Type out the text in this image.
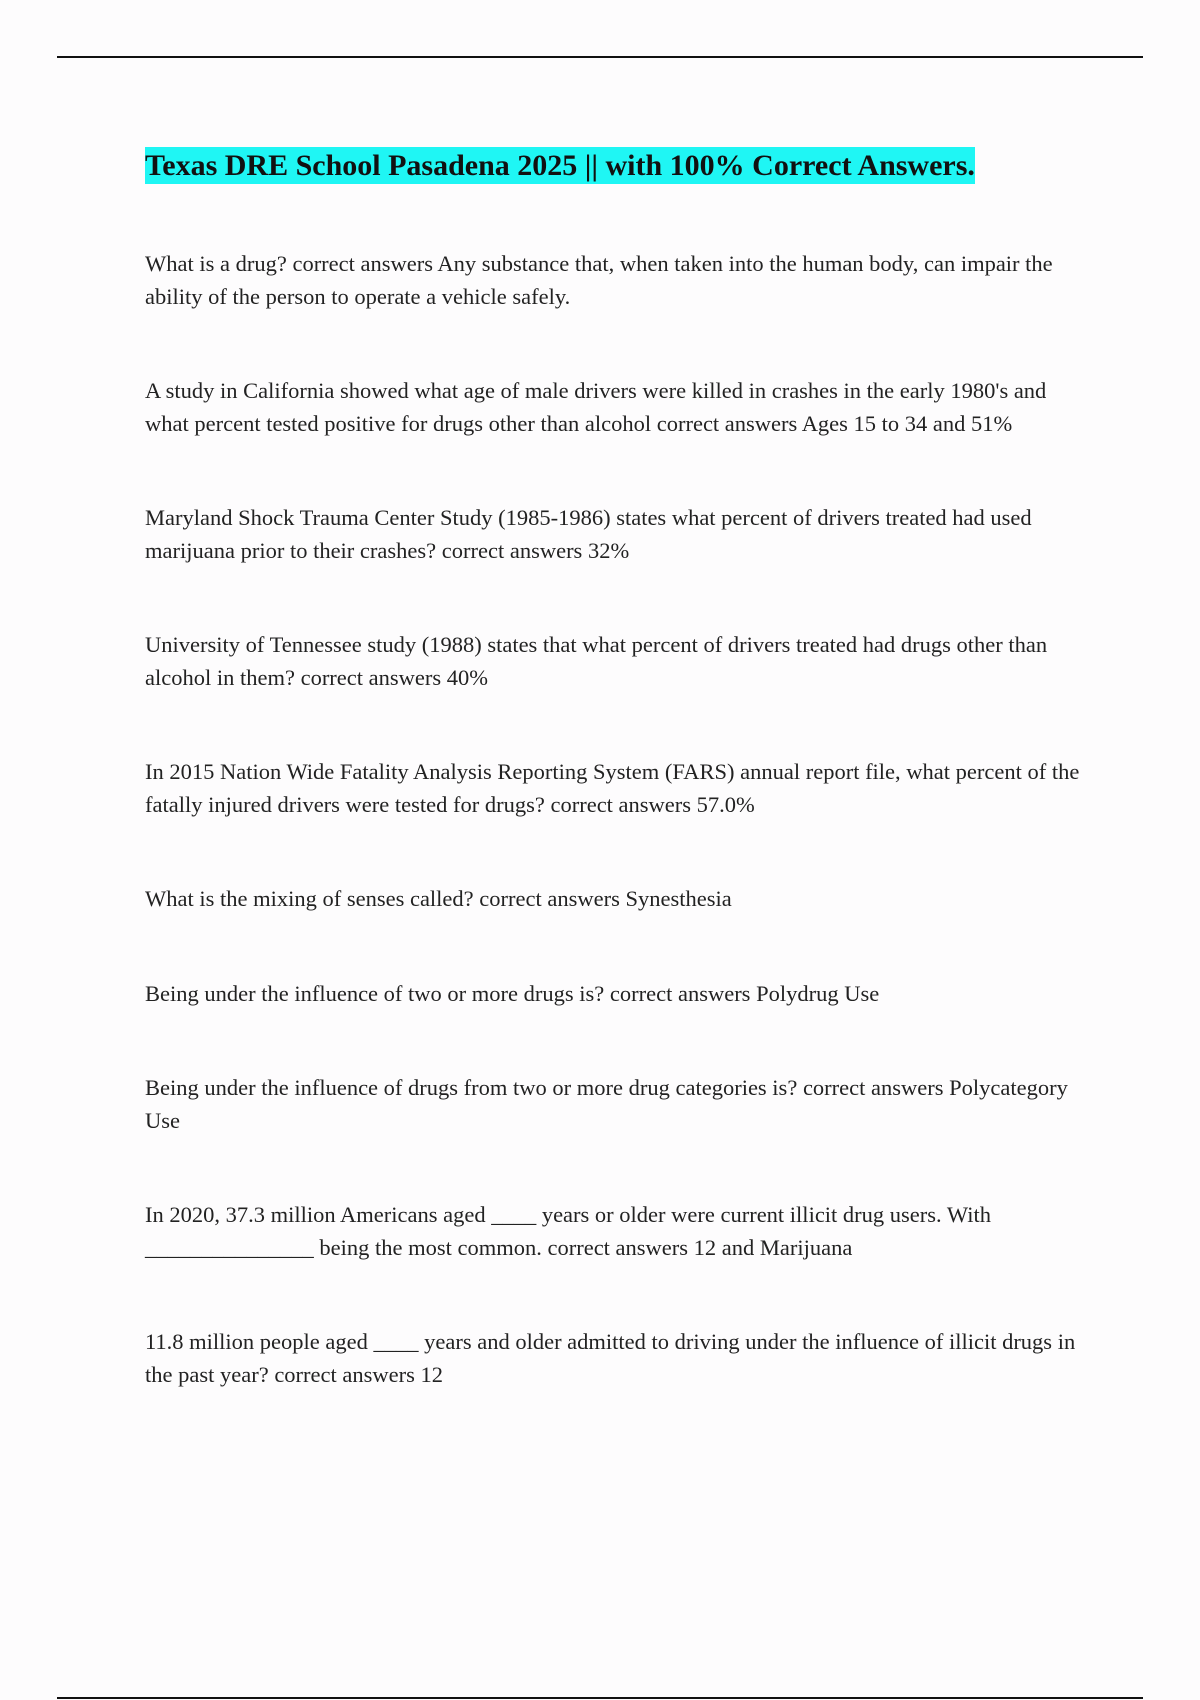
Texas DRE School Pasadena 2025 || with 100% Correct Answers.

What is a drug? correct answers Any substance that, when taken into the human body, can impair the ability of the person to operate a vehicle safely.

A study in California showed what age of male drivers were killed in crashes in the early 1980's and what percent tested positive for drugs other than alcohol correct answers Ages 15 to 34 and 51%

Maryland Shock Trauma Center Study (1985-1986) states what percent of drivers treated had used marijuana prior to their crashes? correct answers 32%

University of Tennessee study (1988) states that what percent of drivers treated had drugs other than alcohol in them? correct answers 40%

In 2015 Nation Wide Fatality Analysis Reporting System (FARS) annual report file, what percent of the fatally injured drivers were tested for drugs? correct answers 57.0%

What is the mixing of senses called? correct answers Synesthesia

Being under the influence of two or more drugs is? correct answers Polydrug Use

Being under the influence of drugs from two or more drug categories is? correct answers Polycategory Use

In 2020, 37.3 million Americans aged ____ years or older were current illicit drug users. With _______________ being the most common. correct answers 12 and Marijuana

11.8 million people aged ____ years and older admitted to driving under the influence of illicit drugs in the past year? correct answers 12
